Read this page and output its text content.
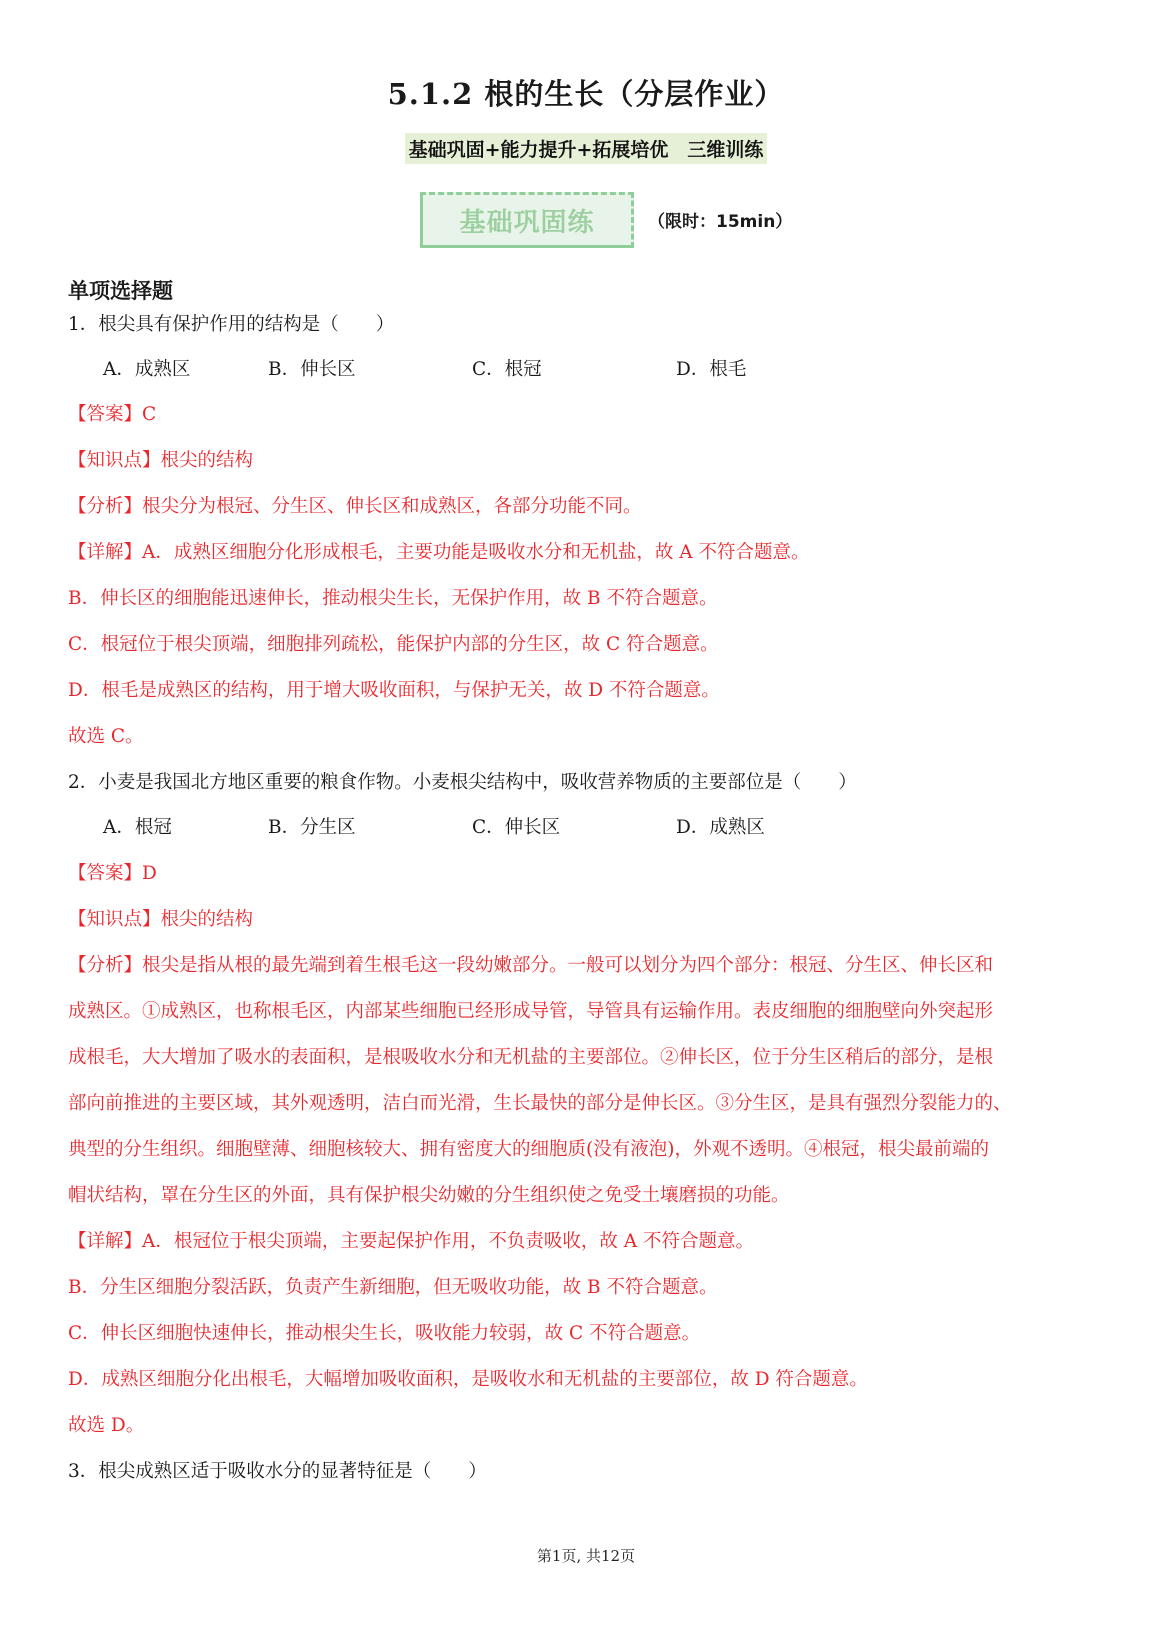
5.1.2 根的生长（分层作业）
基础巩固+能力提升+拓展培优　三维训练
基础巩固练	（限时：15min）
单项选择题
1．根尖具有保护作用的结构是（　　）
A．成熟区	B．伸长区	C．根冠	D．根毛
【答案】C
【知识点】根尖的结构
【分析】根尖分为根冠、分生区、伸长区和成熟区，各部分功能不同。
【详解】A．成熟区细胞分化形成根毛，主要功能是吸收水分和无机盐，故 A 不符合题意。
B．伸长区的细胞能迅速伸长，推动根尖生长，无保护作用，故 B 不符合题意。
C．根冠位于根尖顶端，细胞排列疏松，能保护内部的分生区，故 C 符合题意。
D．根毛是成熟区的结构，用于增大吸收面积，与保护无关，故 D 不符合题意。
故选 C。
2．小麦是我国北方地区重要的粮食作物。小麦根尖结构中，吸收营养物质的主要部位是（　　）
A．根冠	B．分生区	C．伸长区	D．成熟区
【答案】D
【知识点】根尖的结构
【分析】根尖是指从根的最先端到着生根毛这一段幼嫩部分。一般可以划分为四个部分：根冠、分生区、伸长区和
成熟区。①成熟区，也称根毛区，内部某些细胞已经形成导管，导管具有运输作用。表皮细胞的细胞壁向外突起形
成根毛，大大增加了吸水的表面积，是根吸收水分和无机盐的主要部位。②伸长区，位于分生区稍后的部分，是根
部向前推进的主要区域，其外观透明，洁白而光滑，生长最快的部分是伸长区。③分生区，是具有强烈分裂能力的、
典型的分生组织。细胞壁薄、细胞核较大、拥有密度大的细胞质(没有液泡)，外观不透明。④根冠，根尖最前端的
帽状结构，罩在分生区的外面，具有保护根尖幼嫩的分生组织使之免受土壤磨损的功能。
【详解】A．根冠位于根尖顶端，主要起保护作用，不负责吸收，故 A 不符合题意。
B．分生区细胞分裂活跃，负责产生新细胞，但无吸收功能，故 B 不符合题意。
C．伸长区细胞快速伸长，推动根尖生长，吸收能力较弱，故 C 不符合题意。
D．成熟区细胞分化出根毛，大幅增加吸收面积，是吸收水和无机盐的主要部位，故 D 符合题意。
故选 D。
3．根尖成熟区适于吸收水分的显著特征是（　　）
第1页, 共12页
